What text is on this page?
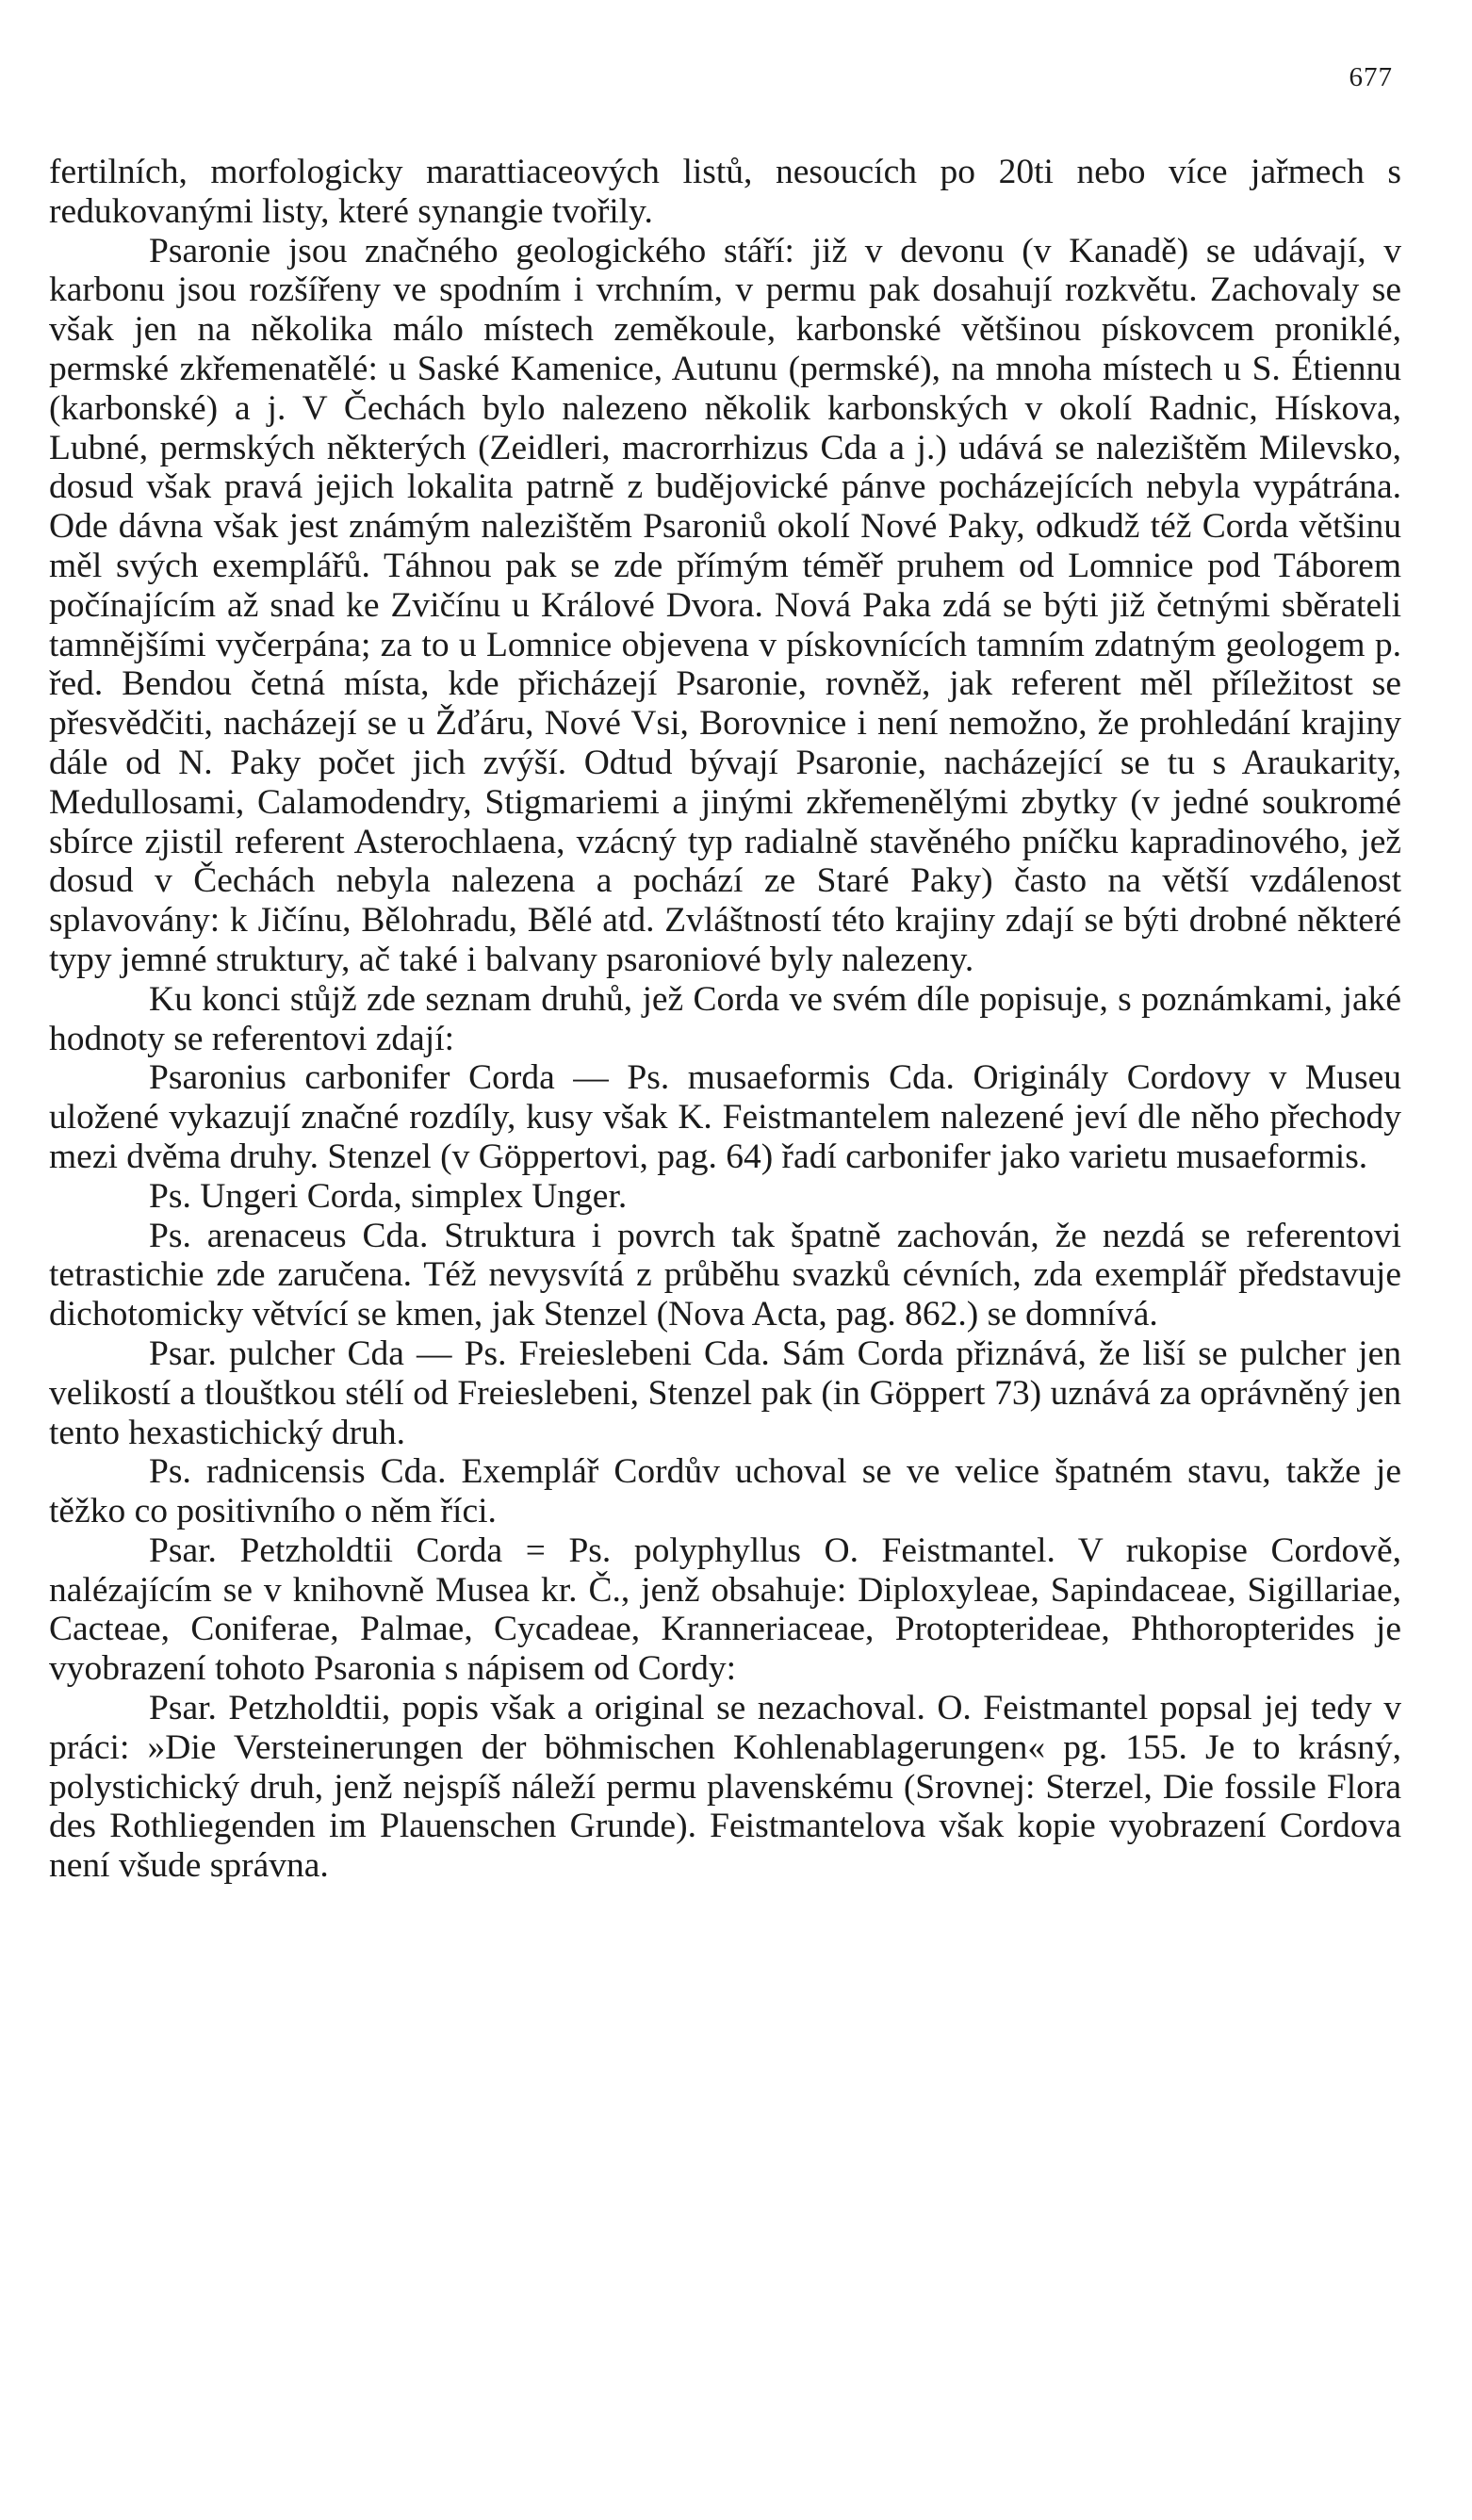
677

fertilních, morfologicky marattiaceových listů, nesoucích po 20ti nebo více jařmech s redukovanými listy, které synangie tvořily.

Psaronie jsou značného geologického stáří: již v devonu (v Kanadě) se udávají, v karbonu jsou rozšířeny ve spodním i vrchním, v permu pak dosahují rozkvětu. Zachovaly se však jen na několika málo místech zeměkoule, karbonské většinou pískovcem proniklé, permské zkřemenatělé: u Saské Kamenice, Autunu (permské), na mnoha místech u S. Étiennu (karbonské) a j. V Čechách bylo nalezeno několik karbonských v okolí Radnic, Hískova, Lubné, permských některých (Zeidleri, macrorrhizus Cda a j.) udává se nalezištěm Milevsko, dosud však pravá jejich lokalita patrně z budějovické pánve pocházejících nebyla vypátrána. Ode dávna však jest známým nalezištěm Psaroniů okolí Nové Paky, odkudž též Corda většinu měl svých exemplářů. Táhnou pak se zde přímým téměř pruhem od Lomnice pod Táborem počínajícím až snad ke Zvičínu u Králové Dvora. Nová Paka zdá se býti již četnými sběrateli tamnějšími vyčerpána; za to u Lomnice objevena v pískovnících tamním zdatným geologem p. řed. Bendou četná místa, kde přicházejí Psaronie, rovněž, jak referent měl příležitost se přesvědčiti, nacházejí se u Žďáru, Nové Vsi, Borovnice i není nemožno, že prohledání krajiny dále od N. Paky počet jich zvýší. Odtud bývají Psaronie, nacházející se tu s Araukarity, Medullosami, Calamodendry, Stigmariemi a jinými zkřemenělými zbytky (v jedné soukromé sbírce zjistil referent Asterochlaena, vzácný typ radialně stavěného pníčku kapradinového, jež dosud v Čechách nebyla nalezena a pochází ze Staré Paky) často na větší vzdálenost splavovány: k Jičínu, Bělohradu, Bělé atd. Zvláštností této krajiny zdají se býti drobné některé typy jemné struktury, ač také i balvany psaroniové byly nalezeny.

Ku konci stůjž zde seznam druhů, jež Corda ve svém díle popisuje, s poznámkami, jaké hodnoty se referentovi zdají:

Psaronius carbonifer Corda — Ps. musaeformis Cda. Originály Cordovy v Museu uložené vykazují značné rozdíly, kusy však K. Feistmantelem nalezené jeví dle něho přechody mezi dvěma druhy. Stenzel (v Göppertovi, pag. 64) řadí carbonifer jako varietu musaeformis.

Ps. Ungeri Corda, simplex Unger.

Ps. arenaceus Cda. Struktura i povrch tak špatně zachován, že nezdá se referentovi tetrastichie zde zaručena. Též nevysvítá z průběhu svazků cévních, zda exemplář představuje dichotomicky větvící se kmen, jak Stenzel (Nova Acta, pag. 862.) se domnívá.

Psar. pulcher Cda — Ps. Freieslebeni Cda. Sám Corda přiznává, že liší se pulcher jen velikostí a tlouštkou stélí od Freieslebeni, Stenzel pak (in Göppert 73) uznává za oprávněný jen tento hexastichický druh.

Ps. radnicensis Cda. Exemplář Cordův uchoval se ve velice špatném stavu, takže je těžko co positivního o něm říci.

Psar. Petzholdtii Corda = Ps. polyphyllus O. Feistmantel. V rukopise Cordově, nalézajícím se v knihovně Musea kr. Č., jenž obsahuje: Diploxyleae, Sapindaceae, Sigillariae, Cacteae, Coniferae, Palmae, Cycadeae, Kranneriaceae, Protopterideae, Phthoropterides je vyobrazení tohoto Psaronia s nápisem od Cordy:

Psar. Petzholdtii, popis však a original se nezachoval. O. Feistmantel popsal jej tedy v práci: »Die Versteinerungen der böhmischen Kohlenablagerungen« pg. 155. Je to krásný, polystichický druh, jenž nejspíš náleží permu plavenskému (Srovnej: Sterzel, Die fossile Flora des Rothliegenden im Plauenschen Grunde). Feistmantelova však kopie vyobrazení Cordova není všude správna.
